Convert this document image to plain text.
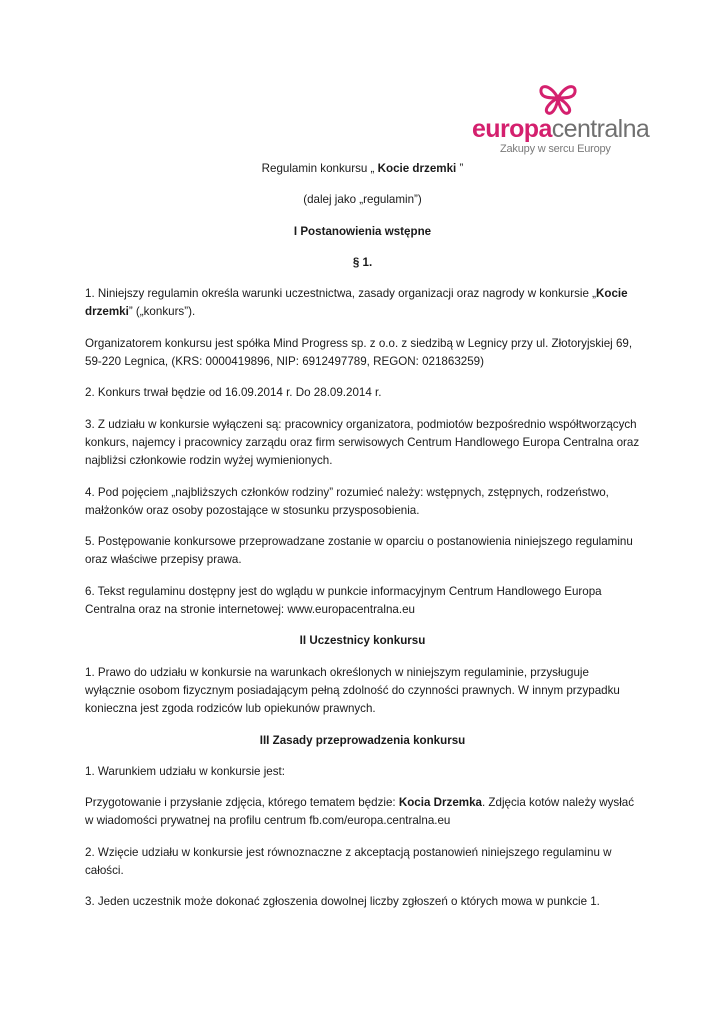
europacentralna
Zakupy w sercu Europy

Regulamin konkursu „ Kocie drzemki ”

(dalej jako „regulamin”)

I Postanowienia wstępne

§ 1.

1. Niniejszy regulamin określa warunki uczestnictwa, zasady organizacji oraz nagrody w konkursie „Kocie drzemki” („konkurs”).

Organizatorem konkursu jest spółka Mind Progress sp. z o.o. z siedzibą w Legnicy przy ul. Złotoryjskiej 69, 59-220 Legnica, (KRS: 0000419896, NIP: 6912497789, REGON: 021863259)

2. Konkurs trwał będzie od 16.09.2014 r. Do 28.09.2014 r.

3. Z udziału w konkursie wyłączeni są: pracownicy organizatora, podmiotów bezpośrednio współtworzących konkurs, najemcy i pracownicy zarządu oraz firm serwisowych Centrum Handlowego Europa Centralna oraz najbliżsi członkowie rodzin wyżej wymienionych.

4. Pod pojęciem „najbliższych członków rodziny” rozumieć należy: wstępnych, zstępnych, rodzeństwo, małżonków oraz osoby pozostające w stosunku przysposobienia.

5. Postępowanie konkursowe przeprowadzane zostanie w oparciu o postanowienia niniejszego regulaminu oraz właściwe przepisy prawa.

6. Tekst regulaminu dostępny jest do wglądu w punkcie informacyjnym Centrum Handlowego Europa Centralna oraz na stronie internetowej: www.europacentralna.eu

II Uczestnicy konkursu

1. Prawo do udziału w konkursie na warunkach określonych w niniejszym regulaminie, przysługuje wyłącznie osobom fizycznym posiadającym pełną zdolność do czynności prawnych. W innym przypadku konieczna jest zgoda rodziców lub opiekunów prawnych.

III Zasady przeprowadzenia konkursu

1. Warunkiem udziału w konkursie jest:

Przygotowanie i przysłanie zdjęcia, którego tematem będzie: Kocia Drzemka. Zdjęcia kotów należy wysłać w wiadomości prywatnej na profilu centrum fb.com/europa.centralna.eu

2. Wzięcie udziału w konkursie jest równoznaczne z akceptacją postanowień niniejszego regulaminu w całości.

3. Jeden uczestnik może dokonać zgłoszenia dowolnej liczby zgłoszeń o których mowa w punkcie 1.
